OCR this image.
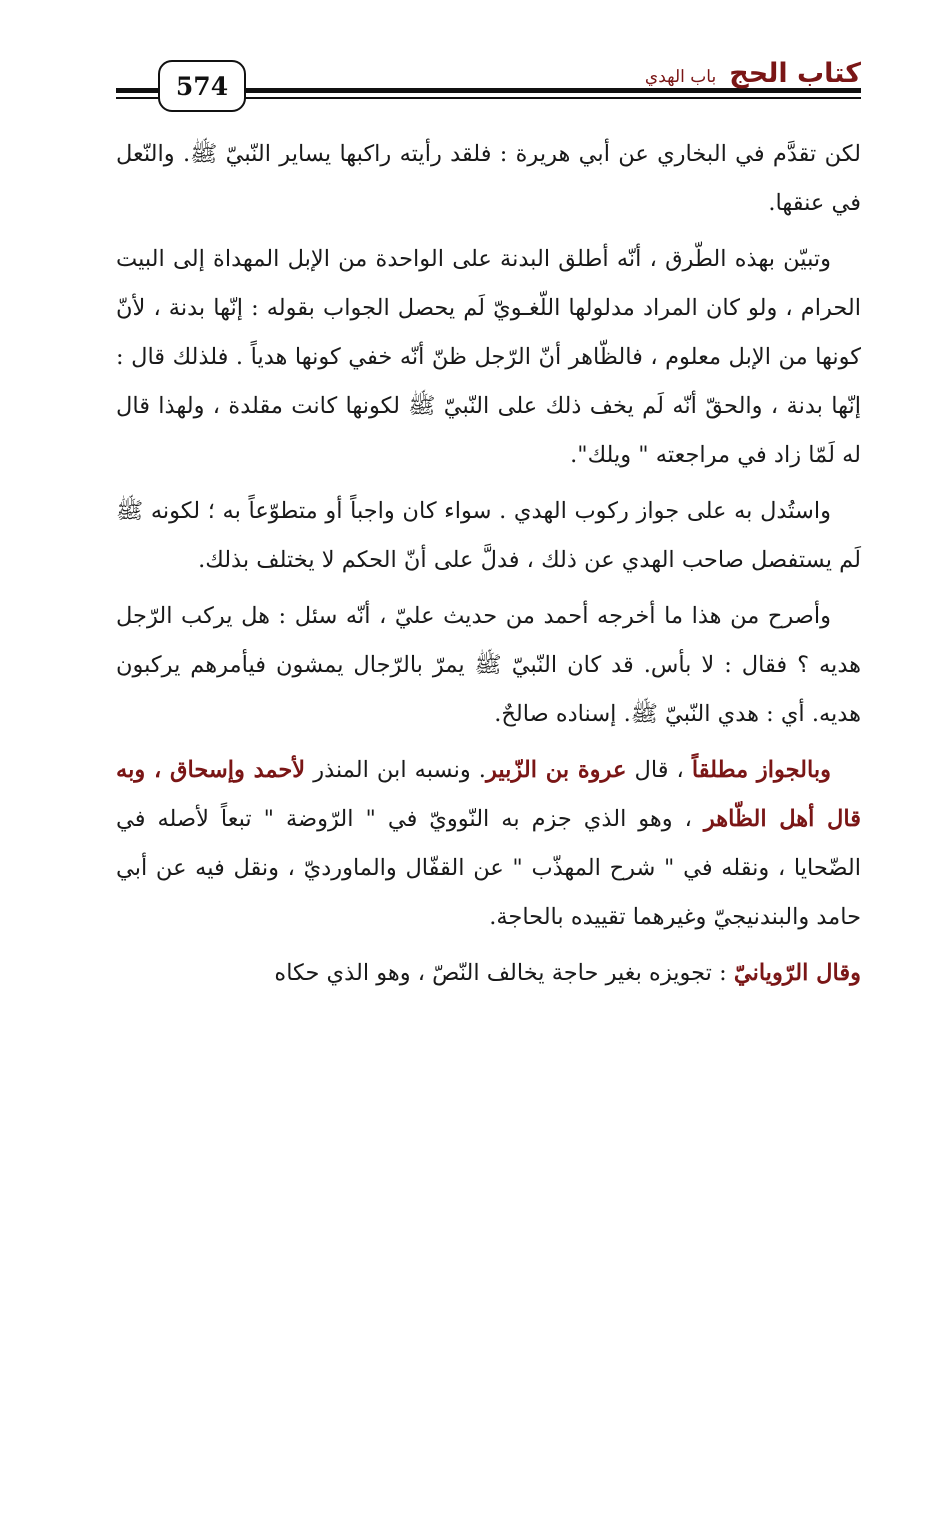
574	كتاب الحج باب الهدي

لكن تقدَّم في البخاري عن أبي هريرة : فلقد رأيته راكبها يساير النّبيّ ﷺ. والنّعل في عنقها.

وتبيّن بهذه الطّرق ، أنّه أطلق البدنة على الواحدة من الإبل المهداة إلى البيت الحرام ، ولو كان المراد مدلولها اللّغـويّ لَم يحصل الجواب بقوله : إنّها بدنة ، لأنّ كونها من الإبل معلوم ، فالظّاهر أنّ الرّجل ظنّ أنّه خفي كونها هدياً . فلذلك قال : إنّها بدنة ، والحقّ أنّه لَم يخف ذلك على النّبيّ ﷺ لكونها كانت مقلدة ، ولهذا قال له لَمّا زاد في مراجعته " ويلك".

واستُدل به على جواز ركوب الهدي . سواء كان واجباً أو متطوّعاً به ؛ لكونه ﷺ لَم يستفصل صاحب الهدي عن ذلك ، فدلَّ على أنّ الحكم لا يختلف بذلك.

وأصرح من هذا ما أخرجه أحمد من حديث عليّ ، أنّه سئل : هل يركب الرّجل هديه ؟ فقال : لا بأس. قد كان النّبيّ ﷺ يمرّ بالرّجال يمشون فيأمرهم يركبون هديه. أي : هدي النّبيّ ﷺ. إسناده صالحٌ.

وبالجواز مطلقاً ، قال عروة بن الزّبير. ونسبه ابن المنذر لأحمد وإسحاق ، وبه قال أهل الظّاهر ، وهو الذي جزم به النّوويّ في " الرّوضة " تبعاً لأصله في الضّحايا ، ونقله في " شرح المهذّب " عن القفّال والماورديّ ، ونقل فيه عن أبي حامد والبندنيجيّ وغيرهما تقييده بالحاجة.

وقال الرّويانيّ : تجويزه بغير حاجة يخالف النّصّ ، وهو الذي حكاه
